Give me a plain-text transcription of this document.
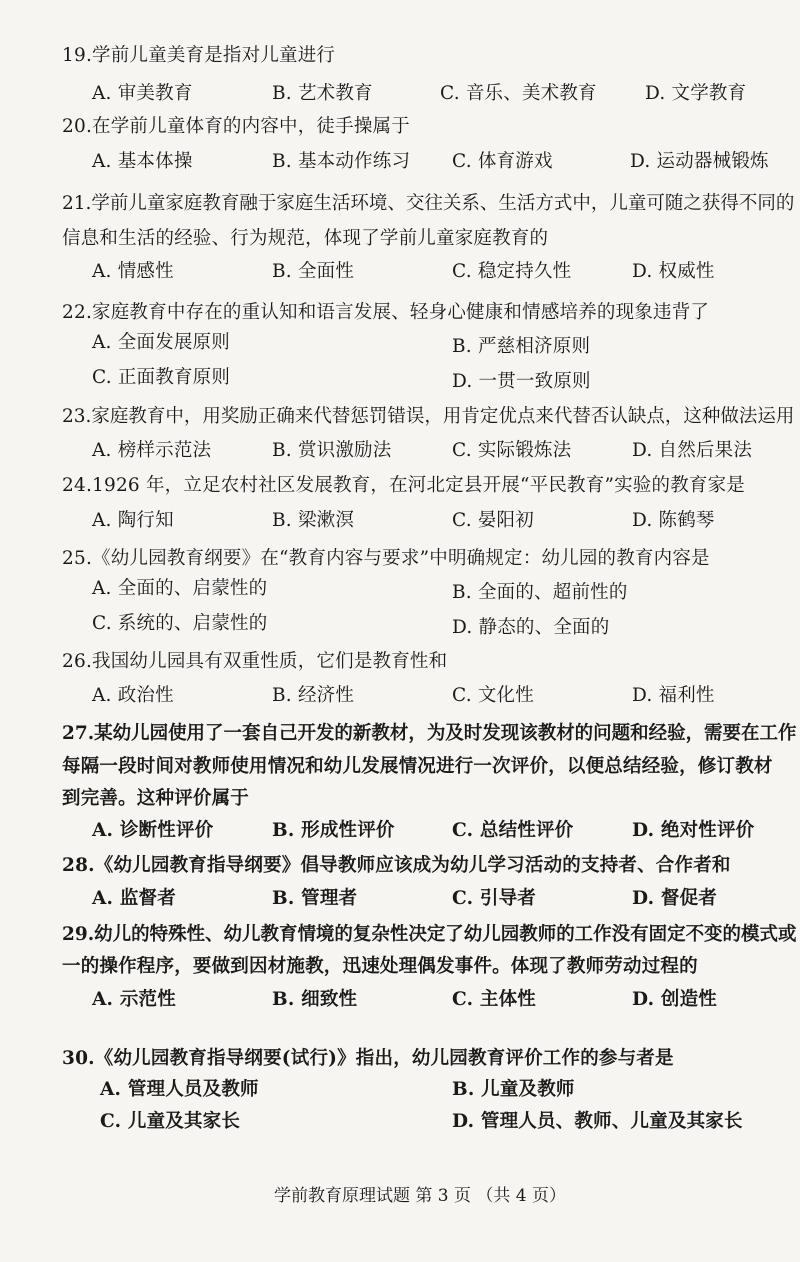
19.学前儿童美育是指对儿童进行
A. 审美教育	B. 艺术教育	C. 音乐、美术教育	D. 文学教育
20.在学前儿童体育的内容中，徒手操属于
A. 基本体操	B. 基本动作练习 C. 体育游戏	D. 运动器械锻炼
21.学前儿童家庭教育融于家庭生活环境、交往关系、生活方式中，儿童可随之获得不同的
信息和生活的经验、行为规范，体现了学前儿童家庭教育的
A. 情感性	B. 全面性	C. 稳定持久性	D. 权威性
22.家庭教育中存在的重认知和语言发展、轻身心健康和情感培养的现象违背了
A. 全面发展原则	B. 严慈相济原则
C. 正面教育原则	D. 一贯一致原则
23.家庭教育中，用奖励正确来代替惩罚错误，用肯定优点来代替否认缺点，这种做法运用
A. 榜样示范法	B. 赏识激励法	C. 实际锻炼法	D. 自然后果法
24.1926 年，立足农村社区发展教育，在河北定县开展“平民教育”实验的教育家是
A. 陶行知	B. 梁漱溟	C. 晏阳初	D. 陈鹤琴
25.《幼儿园教育纲要》在“教育内容与要求”中明确规定：幼儿园的教育内容是
A. 全面的、启蒙性的	B. 全面的、超前性的
C. 系统的、启蒙性的	D. 静态的、全面的
26.我国幼儿园具有双重性质，它们是教育性和
A. 政治性	B. 经济性	C. 文化性	D. 福利性
27.某幼儿园使用了一套自己开发的新教材，为及时发现该教材的问题和经验，需要在工作
每隔一段时间对教师使用情况和幼儿发展情况进行一次评价，以便总结经验，修订教材
到完善。这种评价属于
A. 诊断性评价	B. 形成性评价	C. 总结性评价	D. 绝对性评价
28.《幼儿园教育指导纲要》倡导教师应该成为幼儿学习活动的支持者、合作者和
A. 监督者	B. 管理者	C. 引导者	D. 督促者
29.幼儿的特殊性、幼儿教育情境的复杂性决定了幼儿园教师的工作没有固定不变的模式或
一的操作程序，要做到因材施教，迅速处理偶发事件。体现了教师劳动过程的
A. 示范性	B. 细致性	C. 主体性	D. 创造性
30.《幼儿园教育指导纲要(试行)》指出，幼儿园教育评价工作的参与者是
A. 管理人员及教师	B. 儿童及教师
C. 儿童及其家长	D. 管理人员、教师、儿童及其家长
学前教育原理试题 第 3 页 （共 4 页）
